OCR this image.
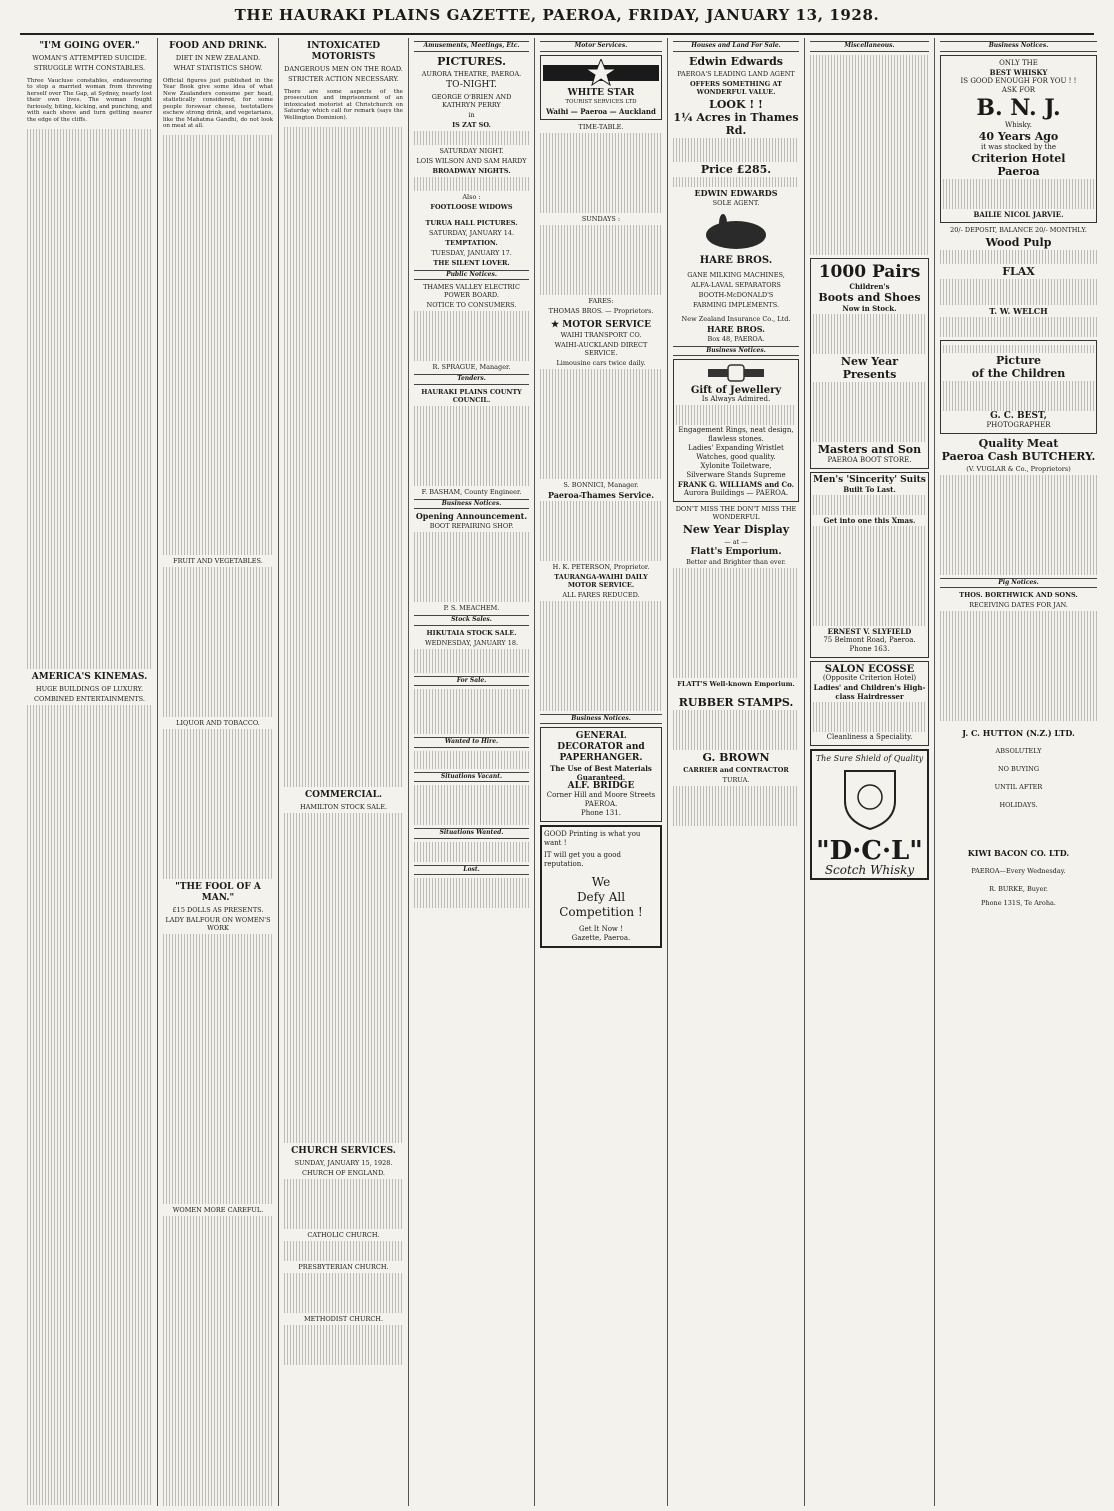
THE HAURAKI PLAINS GAZETTE, PAEROA, FRIDAY, JANUARY 13, 1928.
"I'M GOING OVER."
WOMAN'S ATTEMPTED SUICIDE.
STRUGGLE WITH CONSTABLES.

Three Vaucluse constables, endeavouring to stop a married woman from throwing herself over The Gap, at Sydney, nearly lost their own lives. The woman fought furiously, biting, kicking, and punching, and with each shove and turn getting nearer the edge of the cliffs.

AMERICA'S KINEMAS.
HUGE BUILDINGS OF LUXURY.
COMBINED ENTERTAINMENTS.
FOOD AND DRINK.
DIET IN NEW ZEALAND.
WHAT STATISTICS SHOW.

Official figures just published in the Year Book give some idea of what New Zealanders consume per head, statistically considered, for some people forswear cheese, teetotallers eschew strong drink, and vegetarians, like the Mahatma Gandhi, do not look on meat at all.

FRUIT AND VEGETABLES.
LIQUOR AND TOBACCO.
"THE FOOL OF A MAN."
£15 DOLLS AS PRESENTS.
LADY BALFOUR ON WOMEN'S WORK
WOMEN MORE CAREFUL.
INTOXICATED MOTORISTS
DANGEROUS MEN ON THE ROAD.
STRICTER ACTION NECESSARY.

There are some aspects of the prosecution and imprisonment of an intoxicated motorist at Christchurch on Saturday which call for remark (says the Wellington Dominion).

COMMERCIAL.
HAMILTON STOCK SALE.
CHURCH SERVICES.
SUNDAY, JANUARY 15, 1928.
CHURCH OF ENGLAND.
CATHOLIC CHURCH.
PRESBYTERIAN CHURCH.
METHODIST CHURCH.
Amusements, Meetings, Etc.
PICTURES.
AURORA THEATRE, PAEROA.
TO-NIGHT.
GEORGE O'BRIEN AND KATHRYN PERRY
in
IS ZAT SO.
SATURDAY NIGHT.
LOIS WILSON AND SAM HARDY
BROADWAY NIGHTS.
Also :
FOOTLOOSE WIDOWS
TURUA HALL PICTURES.
SATURDAY, JANUARY 14.
TEMPTATION.
TUESDAY, JANUARY 17.
THE SILENT LOVER.
Public Notices.
THAMES VALLEY ELECTRIC POWER BOARD.
NOTICE TO CONSUMERS.
R. SPRAGUE, Manager.
Tenders.
HAURAKI PLAINS COUNTY COUNCIL.
F. BASHAM, County Engineer.
Business Notices.
Opening Announcement.
BOOT REPAIRING SHOP.
P. S. MEACHEM.
Stock Sales.
HIKUTAIA STOCK SALE.
WEDNESDAY, JANUARY 18.
For Sale.
Wanted to Hire.
Situations Vacant.
Situations Wanted.
Lost.
Motor Services.
WHITE STAR
TOURIST SERVICES LTD
Waihi — Paeroa — Auckland
TIME-TABLE.
SUNDAYS :
FARES:
THOMAS BROS. — Proprietors.
★ MOTOR SERVICE
WAIHI TRANSPORT CO.
WAIHI-AUCKLAND DIRECT SERVICE.
Limousine cars twice daily.
S. BONNICI, Manager.
Paeroa-Thames Service.
H. K. PETERSON, Proprietor.
TAURANGA-WAIHI DAILY MOTOR SERVICE.
ALL FARES REDUCED.
Business Notices.
GENERAL DECORATOR and PAPERHANGER.
The Use of Best Materials Guaranteed.
ALF. BRIDGE
Corner Hill and Moore Streets PAEROA.
Phone 131.
GOOD Printing is what you want !
IT will get you a good reputation.
We
Defy All
Competition !
Get It Now !
Gazette, Paeroa.
Houses and Land For Sale.
Edwin Edwards
PAEROA'S LEADING LAND AGENT
OFFERS SOMETHING AT WONDERFUL VALUE.
LOOK ! !
1¼ Acres in Thames Rd.
Price £285.
EDWIN EDWARDS
SOLE AGENT.
HARE BROS.
GANE MILKING MACHINES,
ALFA-LAVAL SEPARATORS
BOOTH-McDONALD'S
FARMING IMPLEMENTS.
New Zealand Insurance Co., Ltd.
HARE BROS.
Box 48, PAEROA.
Business Notices.
Gift of Jewellery
Is Always Admired.
Engagement Rings, neat design, flawless stones.
Ladies' Expanding Wristlet Watches, good quality.
Xylonite Toiletware,
Silverware Stands Supreme
FRANK G. WILLIAMS and Co.
Aurora Buildings — PAEROA.
DON'T MISS THE DON'T MISS THE WONDERFUL
New Year Display
— at —
Flatt's Emporium.
Better and Brighter than ever.
FLATT'S Well-known Emporium.
RUBBER STAMPS.
G. BROWN
CARRIER and CONTRACTOR
TURUA.
Miscellaneous.
1000 Pairs
Children's
Boots and Shoes
Now in Stock.
New Year Presents
Masters and Son
PAEROA BOOT STORE.
Men's 'Sincerity' Suits
Built To Last.
Get into one this Xmas.
ERNEST V. SLYFIELD
75 Belmont Road, Paeroa. Phone 163.
SALON ECOSSE
(Opposite Criterion Hotel)
Ladies' and Children's High-class Hairdresser
Cleanliness a Speciality.
The Sure Shield of Quality
"D·C·L"
Scotch Whisky
Business Notices.
ONLY THE
BEST WHISKY
IS GOOD ENOUGH FOR YOU ! !
ASK FOR
B. N. J.
Whisky.
40 Years Ago
it was stocked by the
Criterion Hotel
Paeroa
BAILIE NICOL JARVIE.
20/- DEPOSIT, BALANCE 20/- MONTHLY.
Wood Pulp
FLAX
T. W. WELCH
Picture
of the Children
G. C. BEST,
PHOTOGRAPHER
Quality Meat
Paeroa Cash BUTCHERY.
(V. VUGLAR & Co., Proprietors)
Pig Notices.
THOS. BORTHWICK AND SONS.
RECEIVING DATES FOR JAN.
J. C. HUTTON (N.Z.) LTD.
ABSOLUTELY
NO BUYING
UNTIL AFTER
HOLIDAYS.
KIWI BACON CO. LTD.
PAEROA—Every Wednesday.
R. BURKE, Buyer.
Phone 131S, Te Aroha.
